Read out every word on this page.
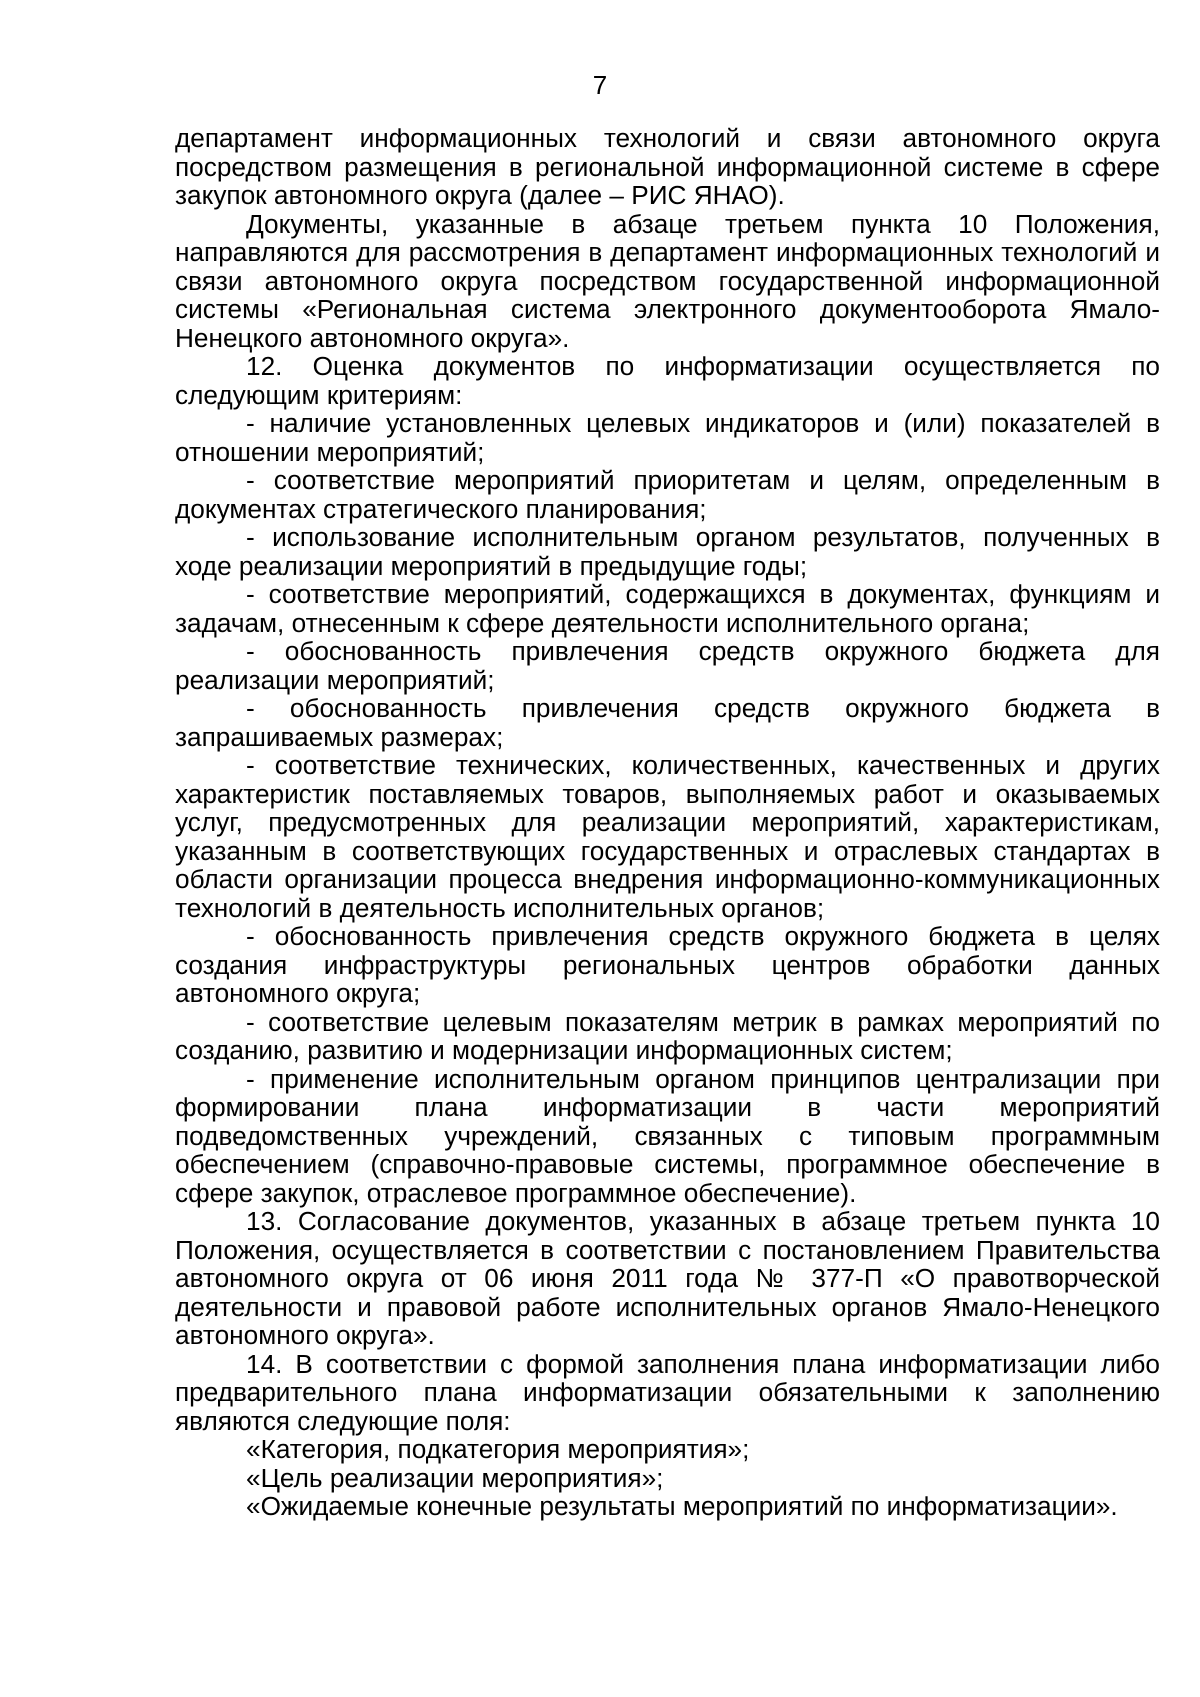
7

департамент информационных технологий и связи автономного округа посредством размещения в региональной информационной системе в сфере закупок автономного округа (далее – РИС ЯНАО).

Документы, указанные в абзаце третьем пункта 10 Положения, направляются для рассмотрения в департамент информационных технологий и связи автономного округа посредством государственной информационной системы «Региональная система электронного документооборота Ямало-Ненецкого автономного округа».

12. Оценка документов по информатизации осуществляется по следующим критериям:

- наличие установленных целевых индикаторов и (или) показателей в отношении мероприятий;

- соответствие мероприятий приоритетам и целям, определенным в документах стратегического планирования;

- использование исполнительным органом результатов, полученных в ходе реализации мероприятий в предыдущие годы;

- соответствие мероприятий, содержащихся в документах, функциям и задачам, отнесенным к сфере деятельности исполнительного органа;

- обоснованность привлечения средств окружного бюджета для реализации мероприятий;

- обоснованность привлечения средств окружного бюджета в запрашиваемых размерах;

- соответствие технических, количественных, качественных и других характеристик поставляемых товаров, выполняемых работ и оказываемых услуг, предусмотренных для реализации мероприятий, характеристикам, указанным в соответствующих государственных и отраслевых стандартах в области организации процесса внедрения информационно-коммуникационных технологий в деятельность исполнительных органов;

- обоснованность привлечения средств окружного бюджета в целях создания инфраструктуры региональных центров обработки данных автономного округа;

- соответствие целевым показателям метрик в рамках мероприятий по созданию, развитию и модернизации информационных систем;

- применение исполнительным органом принципов централизации при формировании плана информатизации в части мероприятий подведомственных учреждений, связанных с типовым программным обеспечением (справочно-правовые системы, программное обеспечение в сфере закупок, отраслевое программное обеспечение).

13. Согласование документов, указанных в абзаце третьем пункта 10 Положения, осуществляется в соответствии с постановлением Правительства автономного округа от 06 июня 2011 года № 377-П «О правотворческой деятельности и правовой работе исполнительных органов Ямало-Ненецкого автономного округа».

14. В соответствии с формой заполнения плана информатизации либо предварительного плана информатизации обязательными к заполнению являются следующие поля:

«Категория, подкатегория мероприятия»;

«Цель реализации мероприятия»;

«Ожидаемые конечные результаты мероприятий по информатизации».
